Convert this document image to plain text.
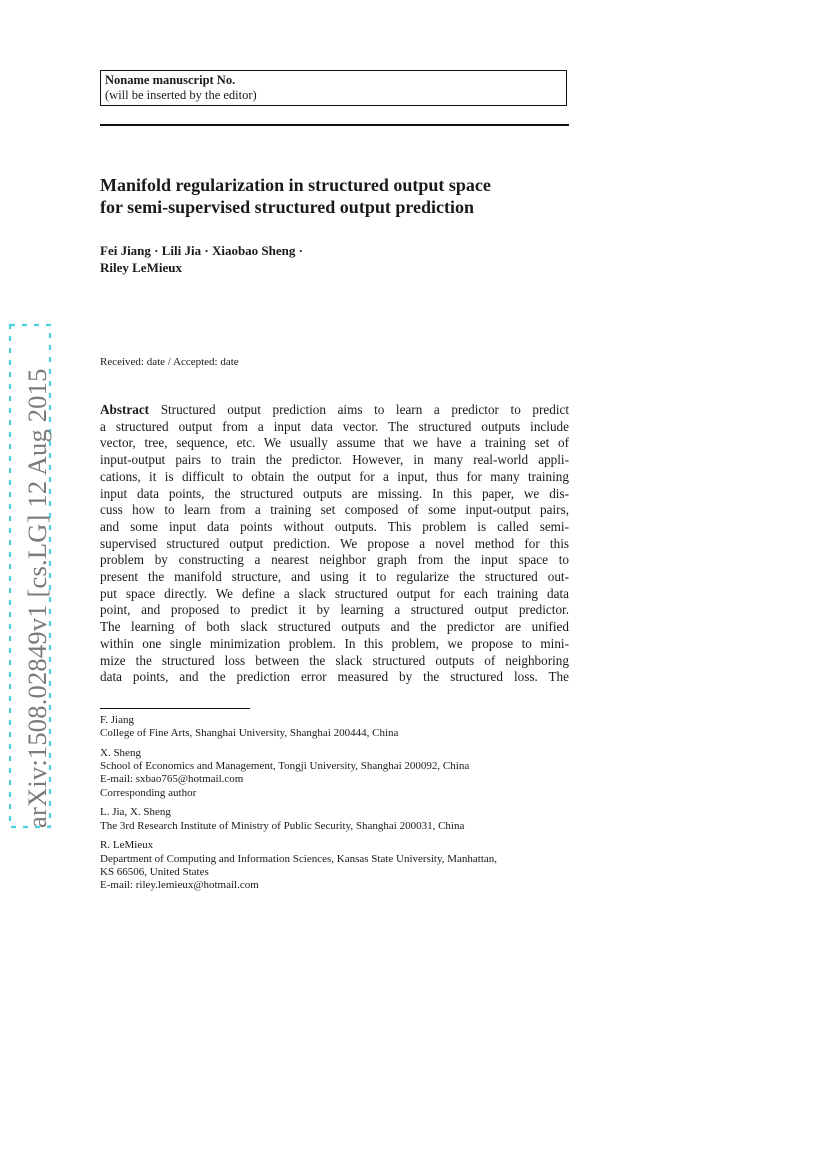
Noname manuscript No.
(will be inserted by the editor)
Manifold regularization in structured output space
for semi-supervised structured output prediction
Fei Jiang · Lili Jia · Xiaobao Sheng ·
Riley LeMieux
Received: date / Accepted: date
Abstract Structured output prediction aims to learn a predictor to predict
a structured output from a input data vector. The structured outputs include
vector, tree, sequence, etc. We usually assume that we have a training set of
input-output pairs to train the predictor. However, in many real-world appli-
cations, it is difficult to obtain the output for a input, thus for many training
input data points, the structured outputs are missing. In this paper, we dis-
cuss how to learn from a training set composed of some input-output pairs,
and some input data points without outputs. This problem is called semi-
supervised structured output prediction. We propose a novel method for this
problem by constructing a nearest neighbor graph from the input space to
present the manifold structure, and using it to regularize the structured out-
put space directly. We define a slack structured output for each training data
point, and proposed to predict it by learning a structured output predictor.
The learning of both slack structured outputs and the predictor are unified
within one single minimization problem. In this problem, we propose to mini-
mize the structured loss between the slack structured outputs of neighboring
data points, and the prediction error measured by the structured loss. The
F. Jiang
College of Fine Arts, Shanghai University, Shanghai 200444, China
X. Sheng
School of Economics and Management, Tongji University, Shanghai 200092, China
E-mail: sxbao765@hotmail.com
Corresponding author
L. Jia, X. Sheng
The 3rd Research Institute of Ministry of Public Security, Shanghai 200031, China
R. LeMieux
Department of Computing and Information Sciences, Kansas State University, Manhattan,
KS 66506, United States
E-mail: riley.lemieux@hotmail.com
arXiv:1508.02849v1 [cs.LG] 12 Aug 2015
